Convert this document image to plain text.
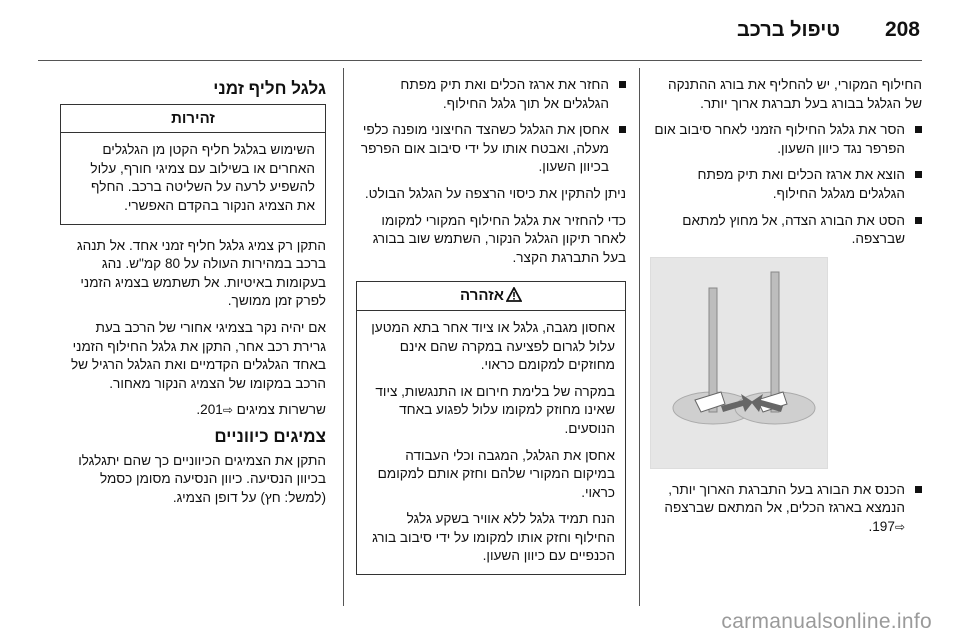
208
טיפול ברכב

החילוף המקורי, יש להחליף את בורג ההתנקה של הגלגל בבורג בעל תברגת ארוך יותר.

הסר את גלגל החילוף הזמני לאחר סיבוב אום הפרפר נגד כיוון השעון.
הוצא את ארגז הכלים ואת תיק מפתח הגלגלים מגלגל החילוף.
הסט את הבורג הצדה, אל מחוץ למתאם שברצפה.
הכנס את הבורג בעל התברגת הארוך יותר, הנמצא בארגז הכלים, אל המתאם שברצפה ⇨197.
החזר את ארגז הכלים ואת תיק מפתח הגלגלים אל תוך גלגל החילוף.
אחסן את הגלגל כשהצד החיצוני מופנה כלפי מעלה, ואבטח אותו על ידי סיבוב אום הפרפר בכיוון השעון.

ניתן להתקין את כיסוי הרצפה על הגלגל הבולט.

כדי להחזיר את גלגל החילוף המקורי למקומו לאחר תיקון הגלגל הנקור, השתמש שוב בבורג בעל התברגת הקצר.

אזהרה

אחסון מגבה, גלגל או ציוד אחר בתא המטען עלול לגרום לפציעה במקרה שהם אינם מחוזקים למקומם כראוי.

במקרה של בלימת חירום או התנגשות, ציוד שאינו מחוזק למקומו עלול לפגוע באחד הנוסעים.

אחסן את הגלגל, המגבה וכלי העבודה במיקום המקורי שלהם וחזק אותם למקומם כראוי.

הנח תמיד גלגל ללא אוויר בשקע גלגל החילוף וחזק אותו למקומו על ידי סיבוב בורג הכנפיים עם כיוון השעון.

גלגל חליף זמני
זהירות

השימוש בגלגל חליף הקטן מן הגלגלים האחרים או בשילוב עם צמיגי חורף, עלול להשפיע לרעה על השליטה ברכב. החלף את הצמיג הנקור בהקדם האפשרי.

התקן רק צמיג גלגל חליף זמני אחד. אל תנהג ברכב במהירות העולה על 80 קמ"ש. נהג בעקומות באיטיות. אל תשתמש בצמיג הזמני לפרק זמן ממושך.

אם יהיה נקר בצמיגי אחורי של הרכב בעת גרירת רכב אחר, התקן את גלגל החילוף הזמני באחד הגלגלים הקדמיים ואת הגלגל הרגיל של הרכב במקומו של הצמיג הנקור מאחור.

שרשרות צמיגים ⇨201.

צמיגים כיווניים

התקן את הצמיגים הכיווניים כך שהם יתגלגלו בכיוון הנסיעה. כיוון הנסיעה מסומן כסמל (למשל: חץ) על דופן הצמיג.

carmanualsonline.info
